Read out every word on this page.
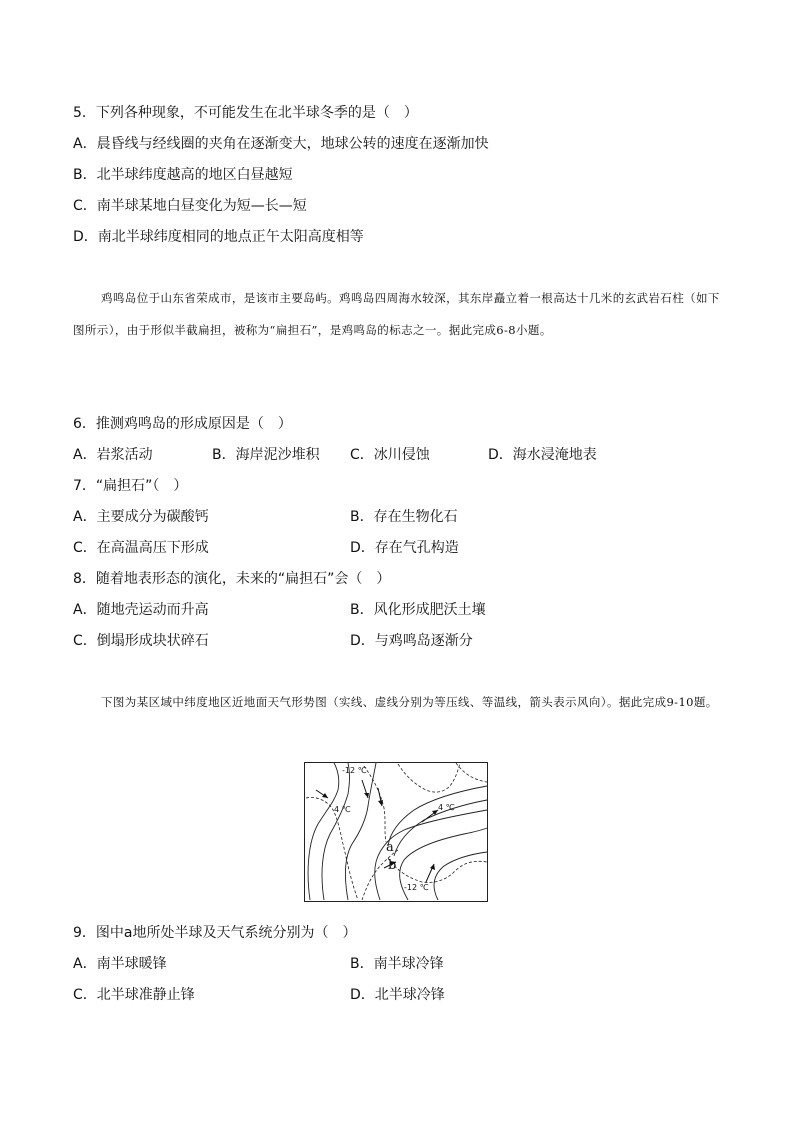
5．下列各种现象，不可能发生在北半球冬季的是（　）
A．晨昏线与经线圈的夹角在逐渐变大，地球公转的速度在逐渐加快
B．北半球纬度越高的地区白昼越短
C．南半球某地白昼变化为短—长—短
D．南北半球纬度相同的地点正午太阳高度相等
鸡鸣岛位于山东省荣成市，是该市主要岛屿。鸡鸣岛四周海水较深，其东岸矗立着一根高达十几米的玄武岩石柱（如下图所示），由于形似半截扁担，被称为“扁担石”，是鸡鸣岛的标志之一。据此完成6-8小题。
6．推测鸡鸣岛的形成原因是（　）
A．岩浆活动	B．海岸泥沙堆积 C．冰川侵蚀	D．海水浸淹地表
7．“扁担石”（　）
A．主要成分为碳酸钙	B．存在生物化石
C．在高温高压下形成	D．存在气孔构造
8．随着地表形态的演化，未来的“扁担石”会（　）
A．随地壳运动而升高	B．风化形成肥沃土壤
C．倒塌形成块状碎石	D．与鸡鸣岛逐渐分
下图为某区域中纬度地区近地面天气形势图（实线、虚线分别为等压线、等温线，箭头表示风向）。据此完成9-10题。
-12 ℃
4 ℃	4 ℃
-12 ℃
a
b
9．图中a地所处半球及天气系统分别为（　）
A．南半球暖锋	B．南半球冷锋
C．北半球准静止锋	D．北半球冷锋
